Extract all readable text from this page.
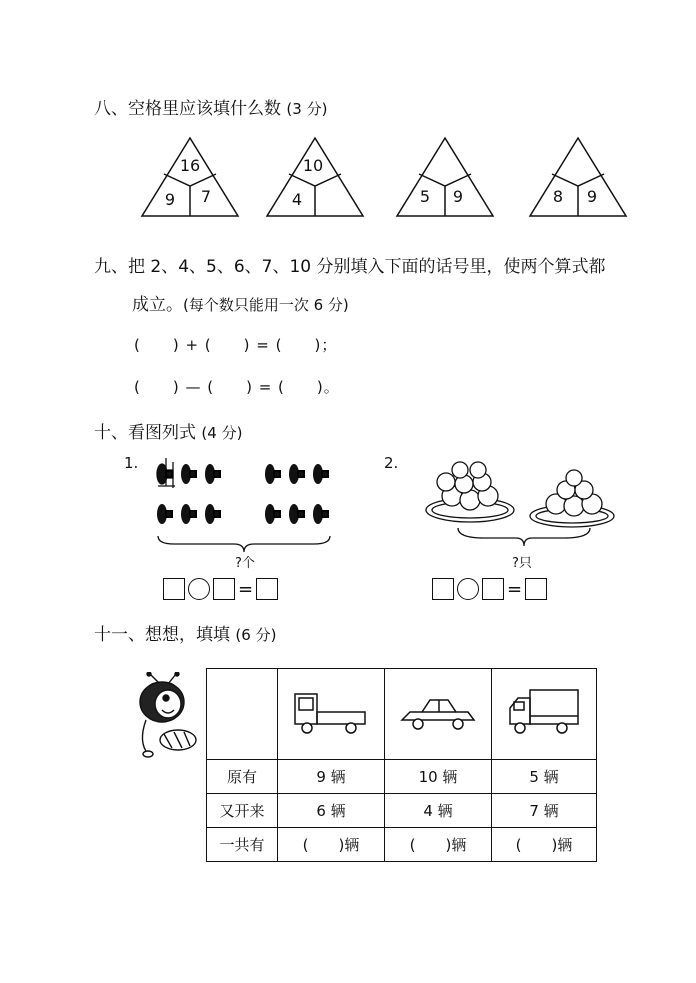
八、空格里应该填什么数 (3 分)
16
9 7
10
4	5 9	8 9
九、把 2、4、5、6、7、10 分别填入下面的话号里，使两个算式都
成立。(每个数只能用一次 6 分)
(　　) + (　　) = (　　)；
(　　) — (　　) = (　　)。
十、看图列式 (4 分)
1.
?个
=
2.
?只
=
十一、想想，填填 (6 分)

原有	9 辆	10 辆	5 辆
又开来	6 辆	4 辆	7 辆
一共有	(　　)辆	(　　)辆	(　　)辆
